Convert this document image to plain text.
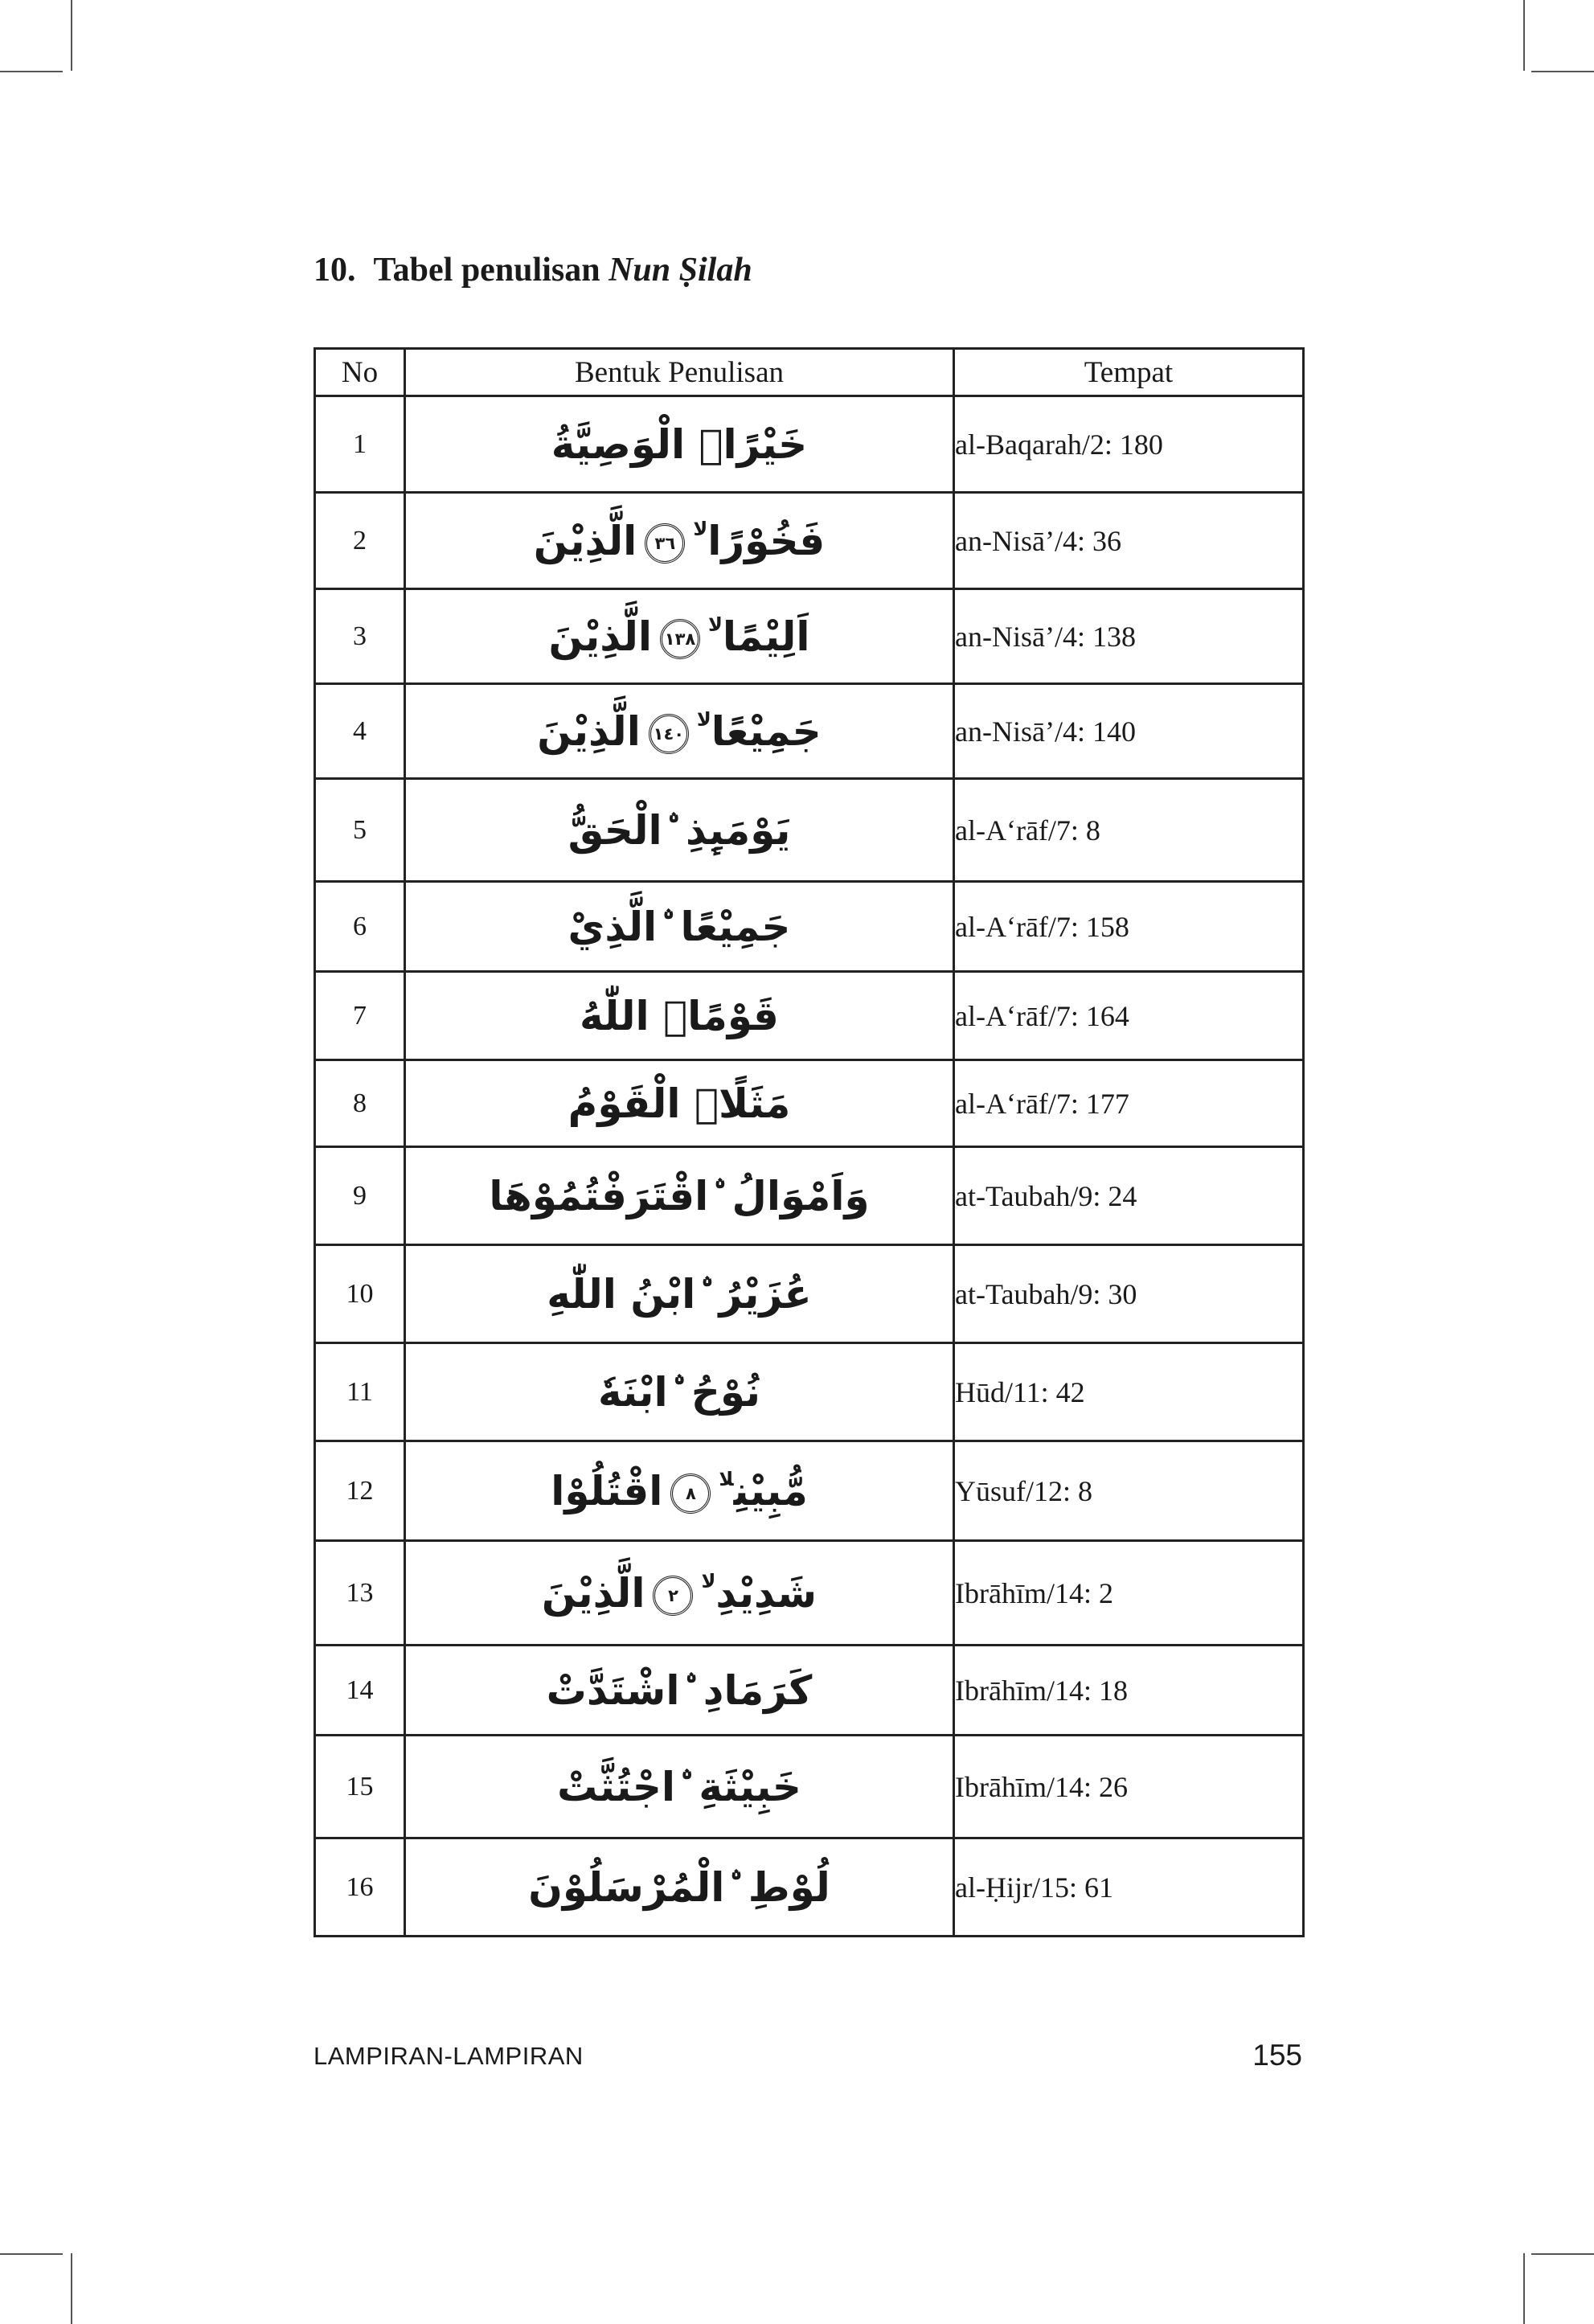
10. Tabel penulisan Nun Ṣilah
No	Bentuk Penulisan	Tempat
1	خَيْرًاۨ الْوَصِيَّةُ	al-Baqarah/2: 180
2	فَخُوْرًا$^{لا}$٣٦الَّذِيْنَ	an-Nisā’/4: 36
3	اَلِيْمًا$^{لا}$١٣٨الَّذِيْنَ	an-Nisā’/4: 138
4	جَمِيْعًا$^{لا}$١٤٠الَّذِيْنَ	an-Nisā’/4: 140
5	يَوْمَىِٕذِ ۨالْحَقُّ	al-A‘rāf/7: 8
6	جَمِيْعًا ۨالَّذِيْ	al-A‘rāf/7: 158
7	قَوْمًاۨ اللّٰهُ	al-A‘rāf/7: 164
8	مَثَلًاۨ الْقَوْمُ	al-A‘rāf/7: 177
9	وَاَمْوَالُ ۨاقْتَرَفْتُمُوْهَا	at-Taubah/9: 24
10	عُزَيْرُ ۨابْنُ اللّٰهِ	at-Taubah/9: 30
11	نُوْحُ ۨابْنَهٗ	Hūd/11: 42
12	مُّبِيْنِ$^{لا}$٨اقْتُلُوْا	Yūsuf/12: 8
13	شَدِيْدِ$^{لا}$٢الَّذِيْنَ	Ibrāhīm/14: 2
14	كَرَمَادِ ۨاشْتَدَّتْ	Ibrāhīm/14: 18
15	خَبِيْثَةِ ۨاجْتُثَّتْ	Ibrāhīm/14: 26
16	لُوْطِ ۨالْمُرْسَلُوْنَ	al-Ḥijr/15: 61
LAMPIRAN-LAMPIRAN	155
